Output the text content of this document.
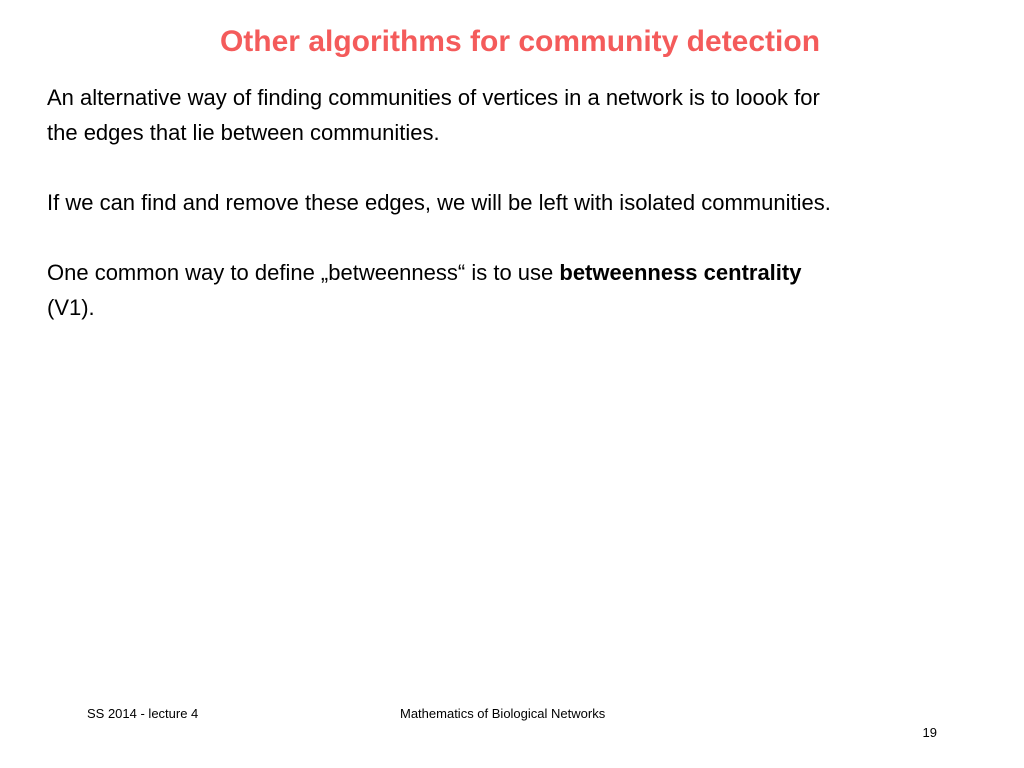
Other algorithms for community detection

An alternative way of finding communities of vertices in a network is to loook for
the edges that lie between communities.

If we can find and remove these edges, we will be left with isolated communities.

One common way to define „betweenness“ is to use betweenness centrality
(V1).

SS 2014 - lecture 4	Mathematics of Biological Networks
19
